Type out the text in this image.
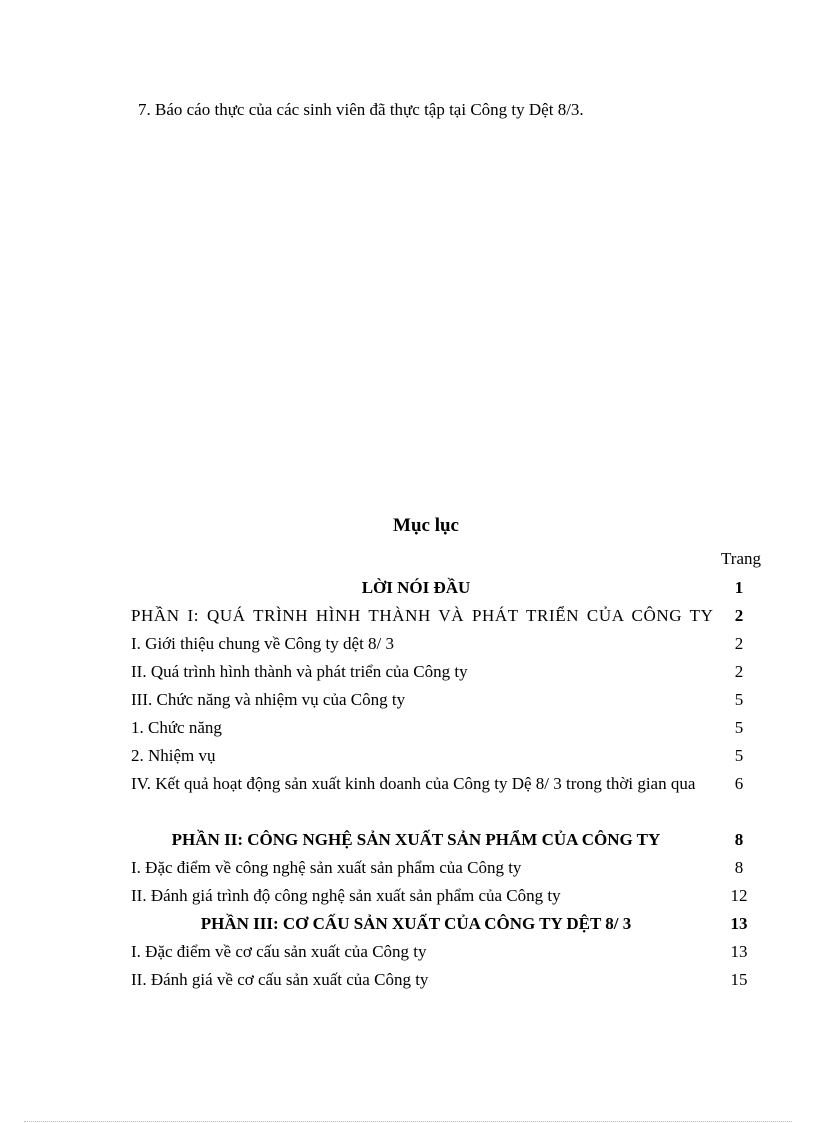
7. Báo cáo thực của các sinh viên đã thực tập tại Công ty Dệt 8/3.
Mục lục
Trang
LỜI NÓI ĐẦU	1
PHẦN I: QUÁ TRÌNH HÌNH THÀNH VÀ PHÁT TRIỂN CỦA CÔNG TY	2
I. Giới thiệu chung về Công ty dệt 8/ 3	2
II. Quá trình hình thành và phát triển của Công ty	2
III. Chức năng và nhiệm vụ của Công ty	5
1. Chức năng	5
2. Nhiệm vụ	5
IV. Kết quả hoạt động sản xuất kinh doanh của Công ty Dệ 8/ 3 trong thời gian qua	6
PHẦN II: CÔNG NGHỆ SẢN XUẤT SẢN PHẨM CỦA CÔNG TY	8
I. Đặc điểm về công nghệ sản xuất sản phẩm của Công ty	8
II. Đánh giá trình độ công nghệ sản xuất sản phẩm của Công ty	12
PHẦN III: CƠ CẤU SẢN XUẤT CỦA CÔNG TY DỆT 8/ 3	13
I. Đặc điểm về cơ cấu sản xuất của Công ty	13
II. Đánh giá về cơ cấu sản xuất của Công ty	15
